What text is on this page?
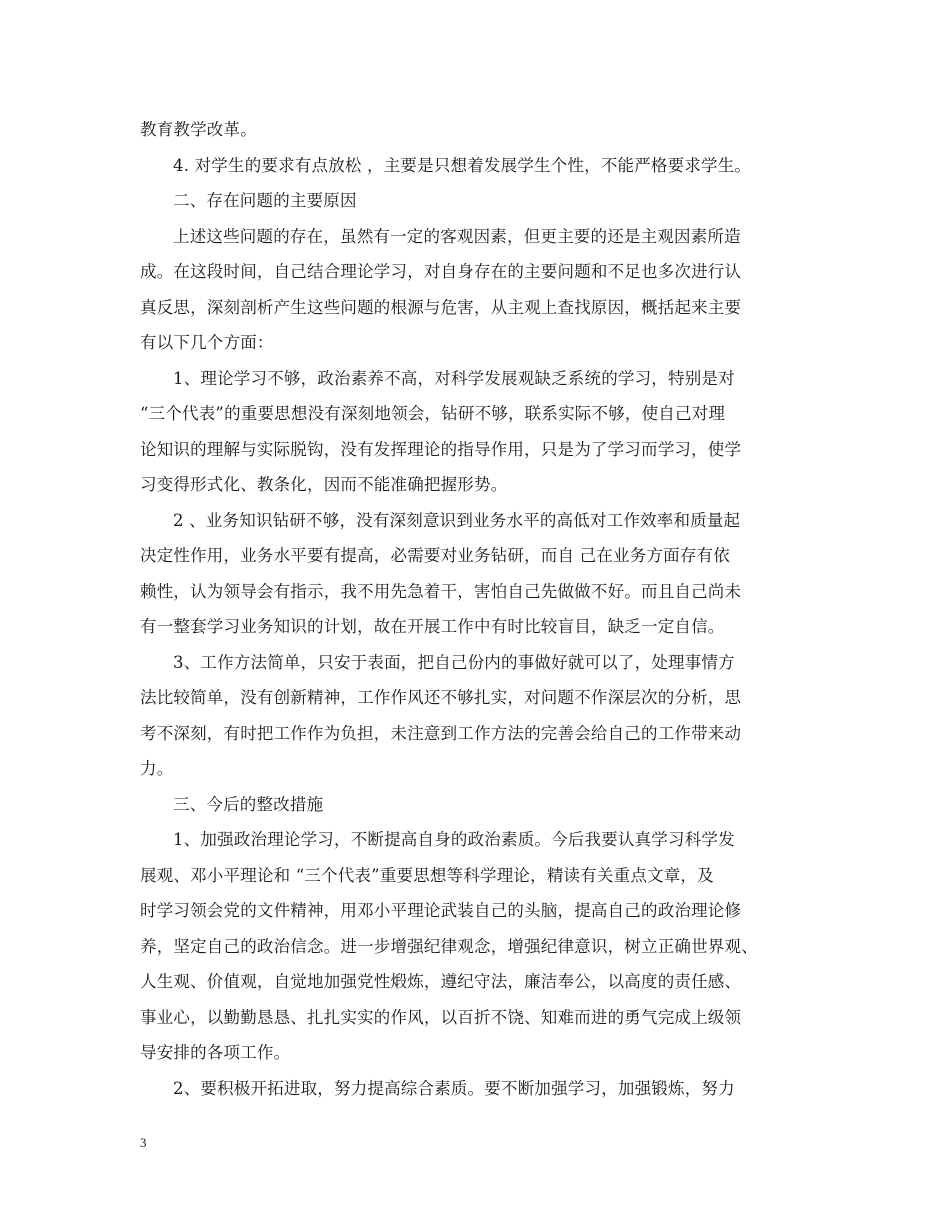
教育教学改革。
4. 对学生的要求有点放松 ，主要是只想着发展学生个性，不能严格要求学生。
二、存在问题的主要原因
上述这些问题的存在，虽然有一定的客观因素，但更主要的还是主观因素所造
成。在这段时间，自己结合理论学习，对自身存在的主要问题和不足也多次进行认
真反思，深刻剖析产生这些问题的根源与危害，从主观上查找原因，概括起来主要
有以下几个方面：
1、理论学习不够，政治素养不高，对科学发展观缺乏系统的学习，特别是对
“三个代表”的重要思想没有深刻地领会，钻研不够，联系实际不够，使自己对理
论知识的理解与实际脱钩，没有发挥理论的指导作用，只是为了学习而学习，使学
习变得形式化、教条化，因而不能准确把握形势。
2 、业务知识钻研不够，没有深刻意识到业务水平的高低对工作效率和质量起
决定性作用，业务水平要有提高，必需要对业务钻研，而自 己在业务方面存有依
赖性，认为领导会有指示，我不用先急着干，害怕自己先做做不好。而且自己尚未
有一整套学习业务知识的计划，故在开展工作中有时比较盲目，缺乏一定自信。
3、工作方法简单，只安于表面，把自己份内的事做好就可以了，处理事情方
法比较简单，没有创新精神，工作作风还不够扎实，对问题不作深层次的分析，思
考不深刻，有时把工作作为负担，未注意到工作方法的完善会给自己的工作带来动
力。
三、今后的整改措施
1、加强政治理论学习，不断提高自身的政治素质。今后我要认真学习科学发
展观、邓小平理论和 “三个代表”重要思想等科学理论，精读有关重点文章，及
时学习领会党的文件精神，用邓小平理论武装自己的头脑，提高自己的政治理论修
养，坚定自己的政治信念。进一步增强纪律观念，增强纪律意识，树立正确世界观、
人生观、价值观，自觉地加强党性煅炼，遵纪守法，廉洁奉公，以高度的责任感、
事业心，以勤勤恳恳、扎扎实实的作风，以百折不饶、知难而进的勇气完成上级领
导安排的各项工作。
2、要积极开拓进取，努力提高综合素质。要不断加强学习，加强锻炼，努力
3
